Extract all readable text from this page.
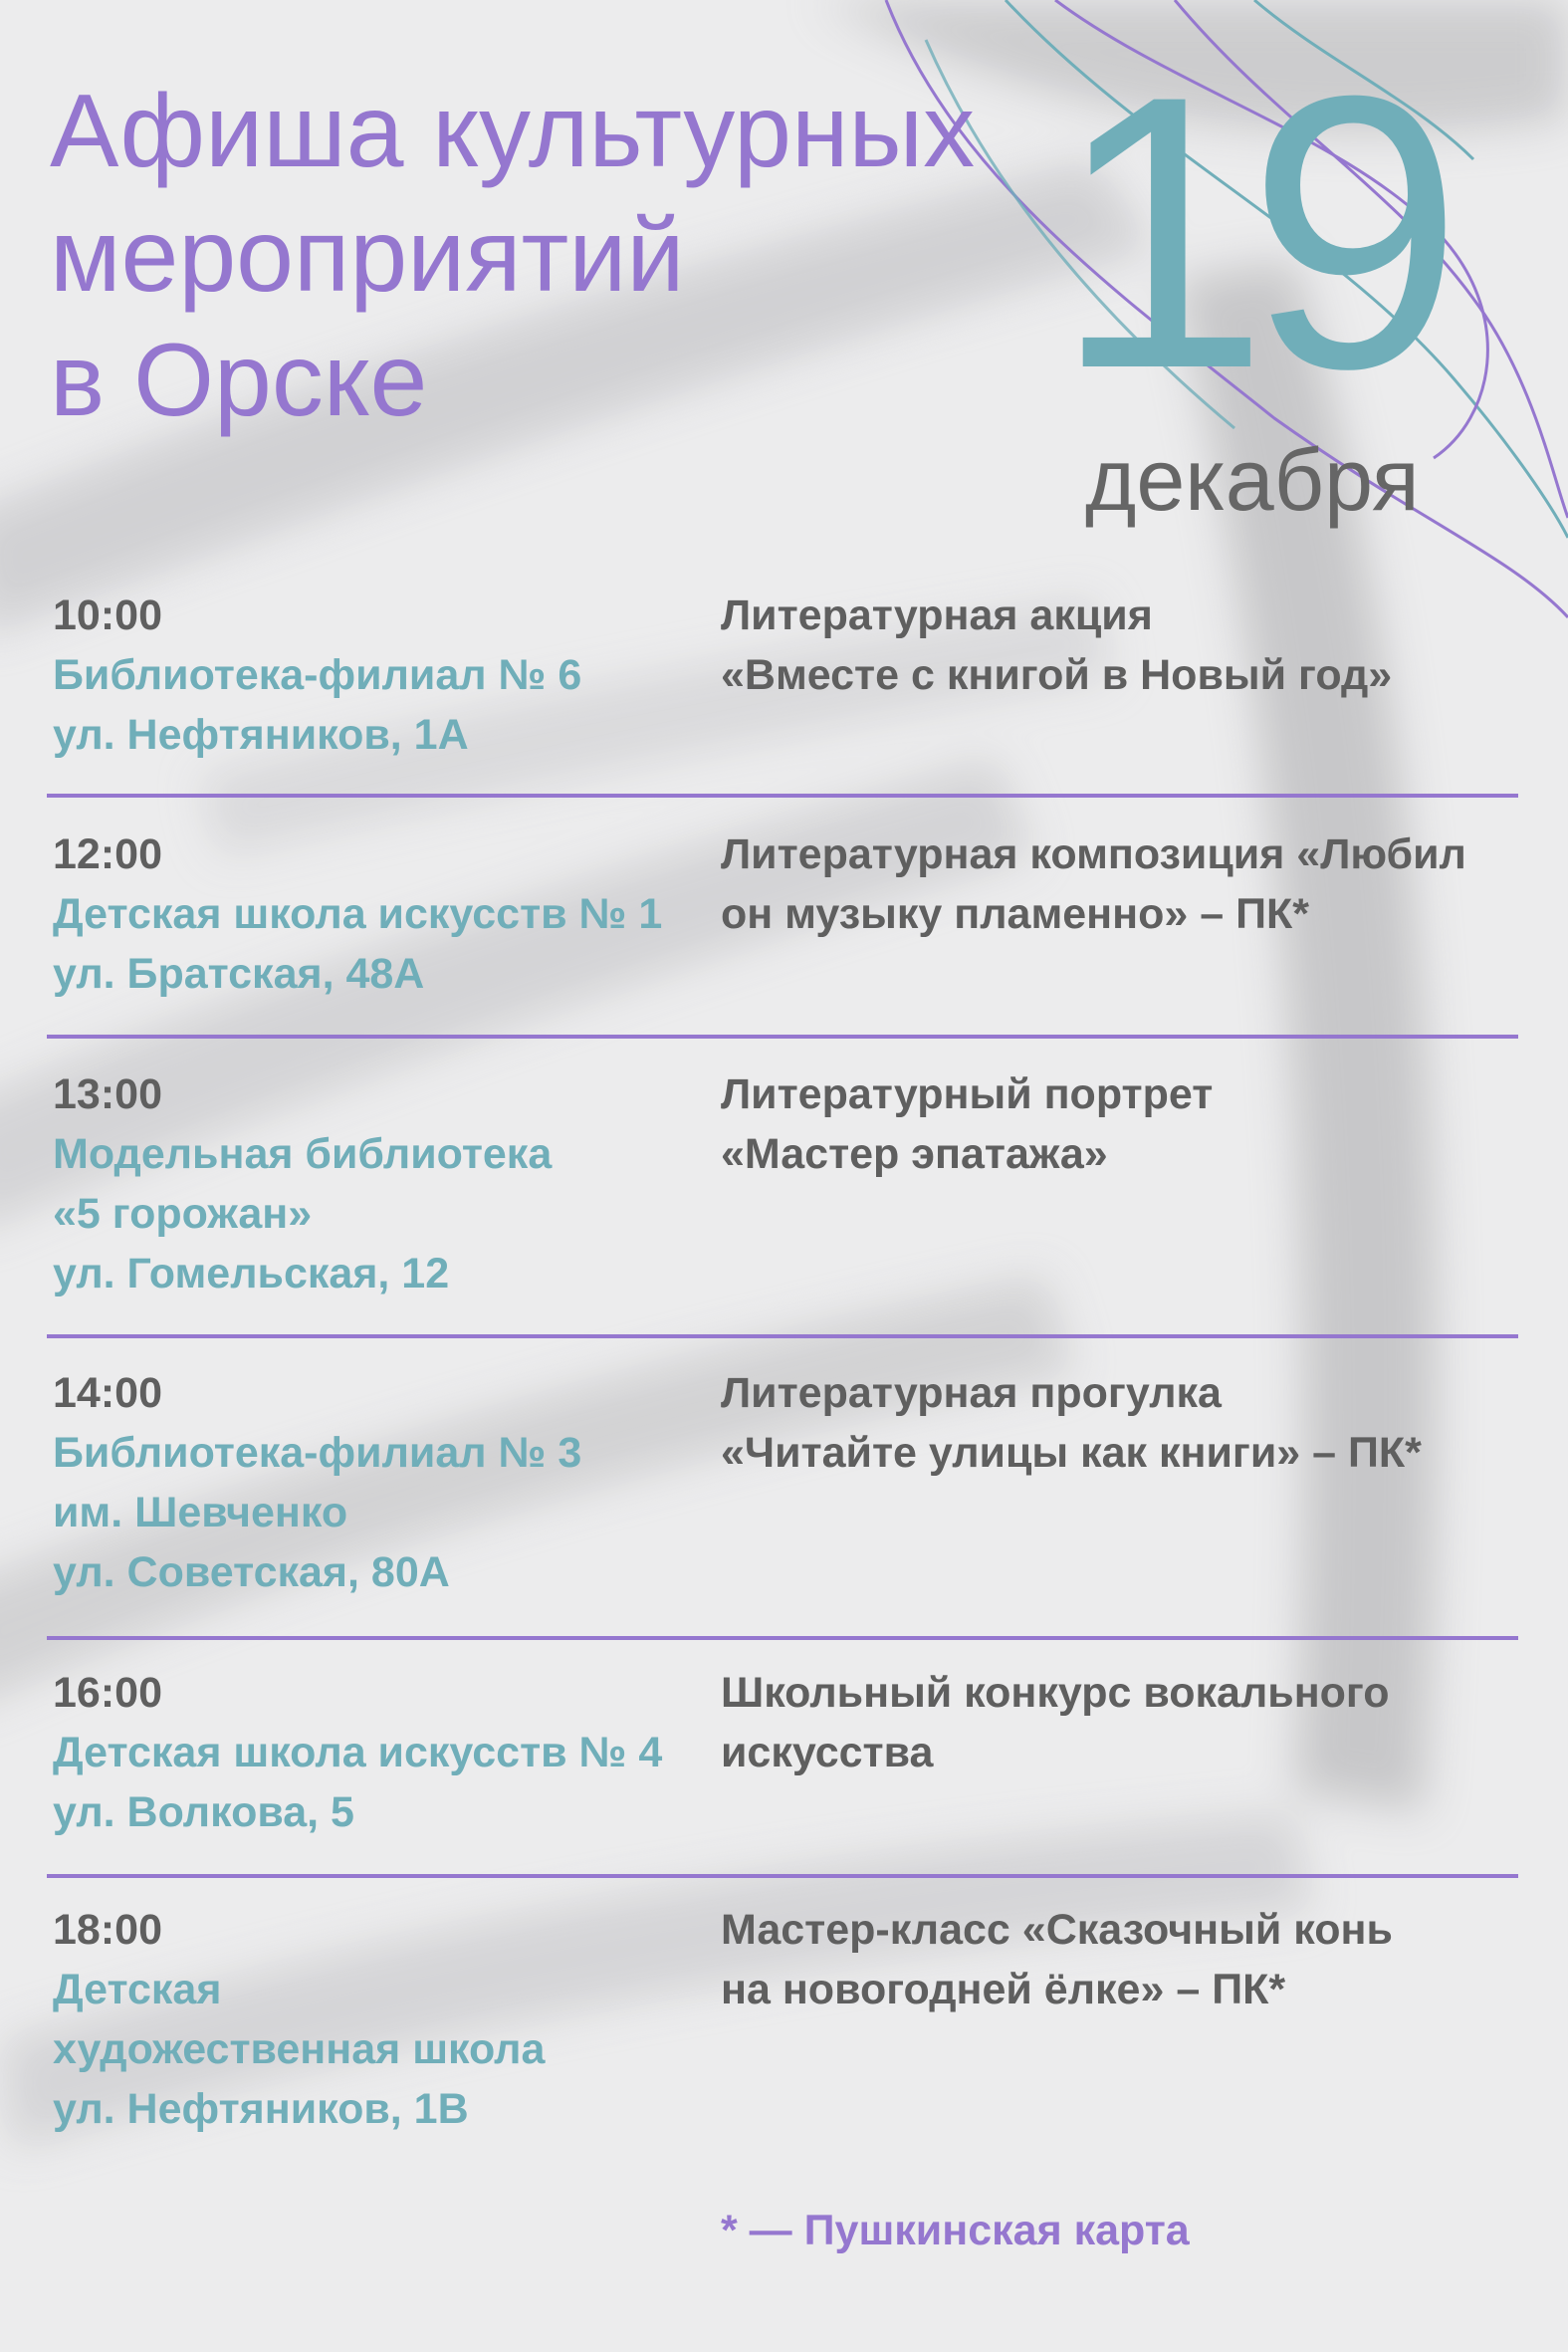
Афиша культурных
мероприятий
в Орске	19
декабря
10:00
Библиотека-филиал № 6
ул. Нефтяников, 1А
Литературная акция
«Вместе с книгой в Новый год»
12:00
Детская школа искусств № 1
ул. Братская, 48А
Литературная композиция «Любил
он музыку пламенно» – ПК*
13:00
Модельная библиотека
«5 горожан»
ул. Гомельская, 12
Литературный портрет
«Мастер эпатажа»
14:00
Библиотека-филиал № 3
им. Шевченко
ул. Советская, 80А
Литературная прогулка
«Читайте улицы как книги» – ПК*
16:00
Детская школа искусств № 4
ул. Волкова, 5
Школьный конкурс вокального
искусства
18:00
Детская
художественная школа
ул. Нефтяников, 1В
Мастер-класс «Сказочный конь
на новогодней ёлке» – ПК*
* — Пушкинская карта
